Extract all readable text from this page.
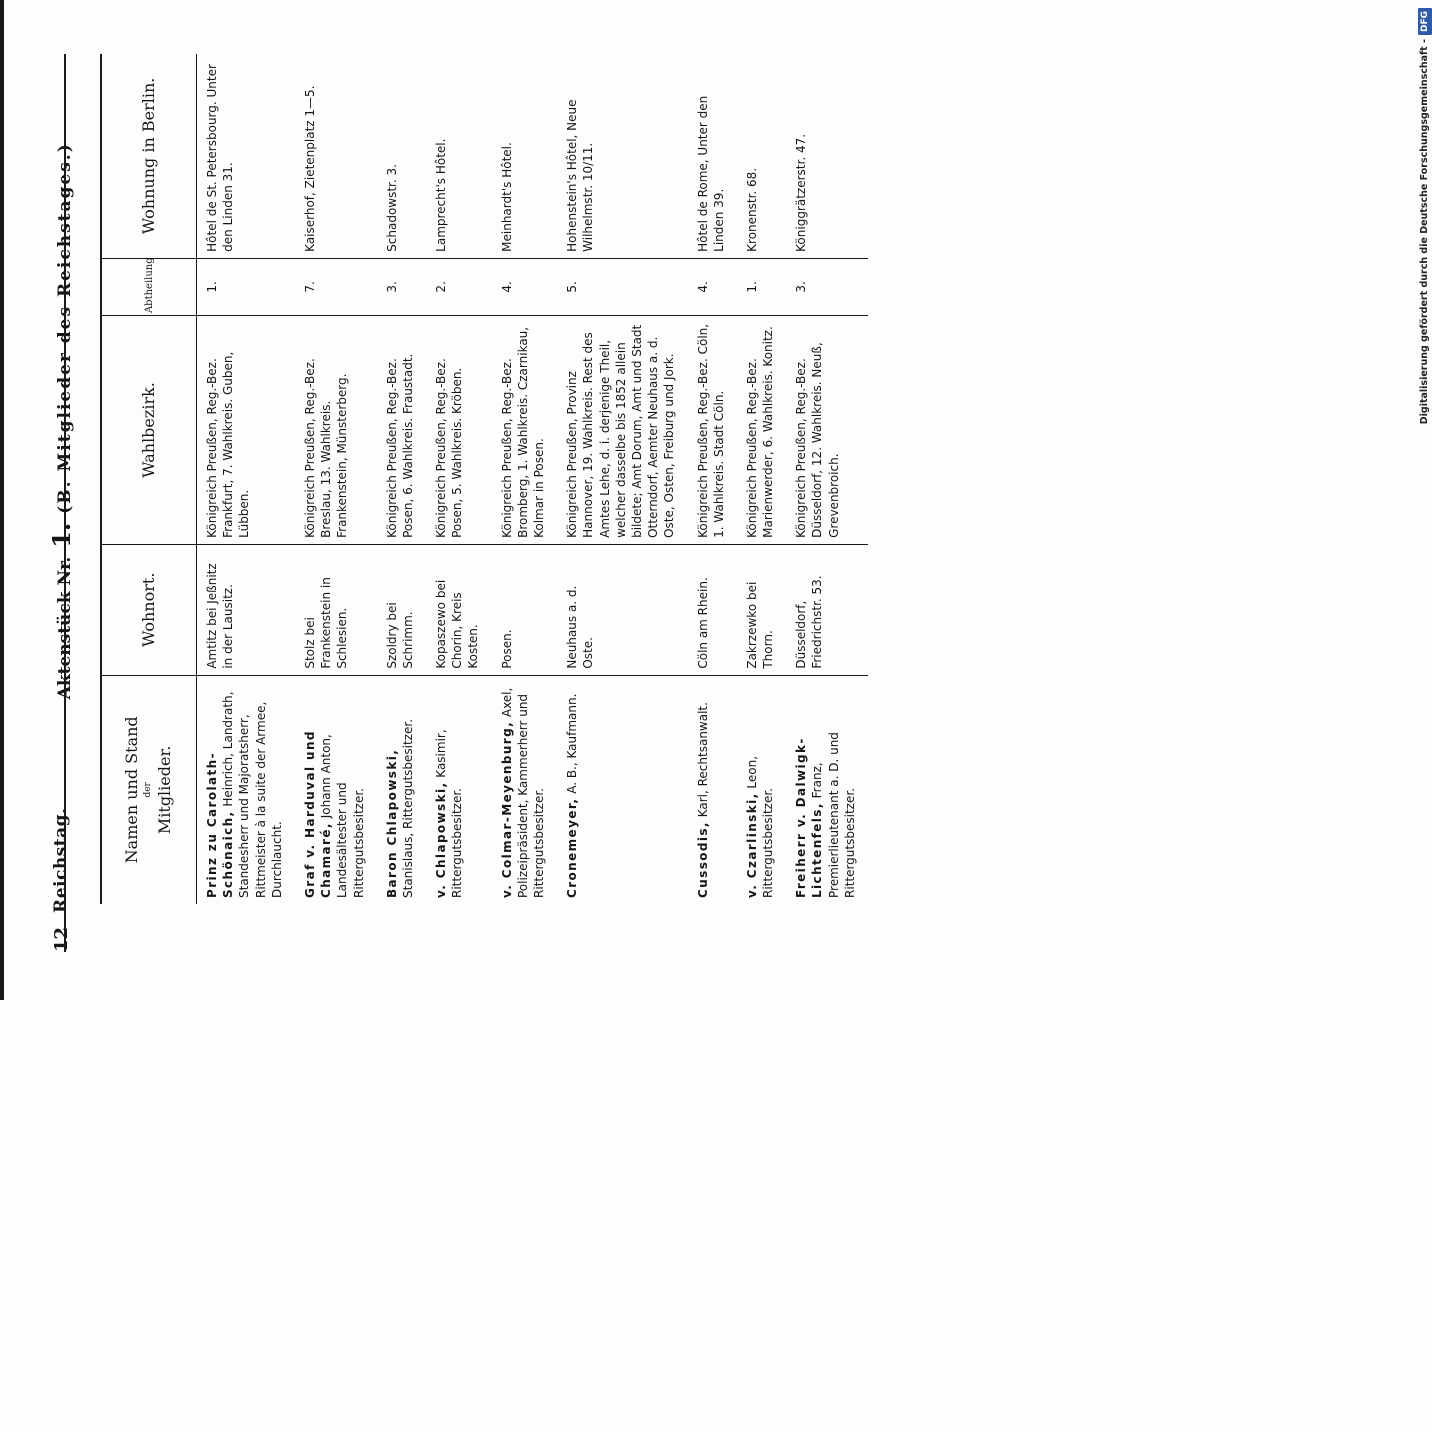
12
Reichstag.
Aktenstück Nr. 1. (B. Mitglieder des Reichstages.)
Namen und Stand der Mitglieder.	Wohnort.	Wahlbezirk.	Abtheilung	Wohnung in Berlin.
Prinz zu Carolath-Schönaich, Heinrich, Landrath, Standesherr und Majoratsherr, Rittmeister à la suite der Armee, Durchlaucht.	Amtitz bei Jeßnitz in der Lausitz.	Königreich Preußen, Reg.-Bez. Frankfurt, 7. Wahlkreis. Guben, Lübben.	1.	Hôtel de St. Petersbourg. Unter den Linden 31.
Graf v. Harduval und Chamaré, Johann Anton, Landesältester und Rittergutsbesitzer.	Stolz bei Frankenstein in Schlesien.	Königreich Preußen, Reg.-Bez. Breslau, 13. Wahlkreis. Frankenstein, Münsterberg.	7.	Kaiserhof, Zietenplatz 1—5.
Baron Chlapowski, Stanislaus, Rittergutsbesitzer.	Szoldry bei Schrimm.	Königreich Preußen, Reg.-Bez. Posen, 6. Wahlkreis. Fraustadt.	3.	Schadowstr. 3.
v. Chlapowski, Kasimir, Rittergutsbesitzer.	Kopaszewo bei Chorin, Kreis Kosten.	Königreich Preußen, Reg.-Bez. Posen, 5. Wahlkreis. Kröben.	2.	Lamprecht's Hôtel.
v. Colmar-Meyenburg, Axel, Polizeipräsident, Kammerherr und Rittergutsbesitzer.	Posen.	Königreich Preußen, Reg.-Bez. Bromberg, 1. Wahlkreis. Czarnikau, Kolmar in Posen.	4.	Meinhardt's Hôtel.
Cronemeyer, A. B., Kaufmann.	Neuhaus a. d. Oste.	Königreich Preußen, Provinz Hannover, 19. Wahlkreis. Rest des Amtes Lehe, d. i. derjenige Theil, welcher dasselbe bis 1852 allein bildete; Amt Dorum, Amt und Stadt Otterndorf, Aemter Neuhaus a. d. Oste, Osten, Freiburg und Jork.	5.	Hohenstein's Hôtel, Neue Wilhelmstr. 10/11.
Cussodis, Karl, Rechtsanwalt.	Cöln am Rhein.	Königreich Preußen, Reg.-Bez. Cöln, 1. Wahlkreis. Stadt Cöln.	4.	Hôtel de Rome, Unter den Linden 39.
v. Czarlinski, Leon, Rittergutsbesitzer.	Zakrzewko bei Thorn.	Königreich Preußen, Reg.-Bez. Marienwerder, 6. Wahlkreis. Konitz.	1.	Kronenstr. 68.
Freiherr v. Dalwigk-Lichtenfels, Franz, Premierlieutenant a. D. und Rittergutsbesitzer.	Düsseldorf, Friedrichstr. 53.	Königreich Preußen, Reg.-Bez. Düsseldorf, 12. Wahlkreis. Neuß, Grevenbroich.	3.	Königgrätzerstr. 47.	Digitalisierung gefördert durch die Deutsche Forschungsgemeinschaft -
DFG
